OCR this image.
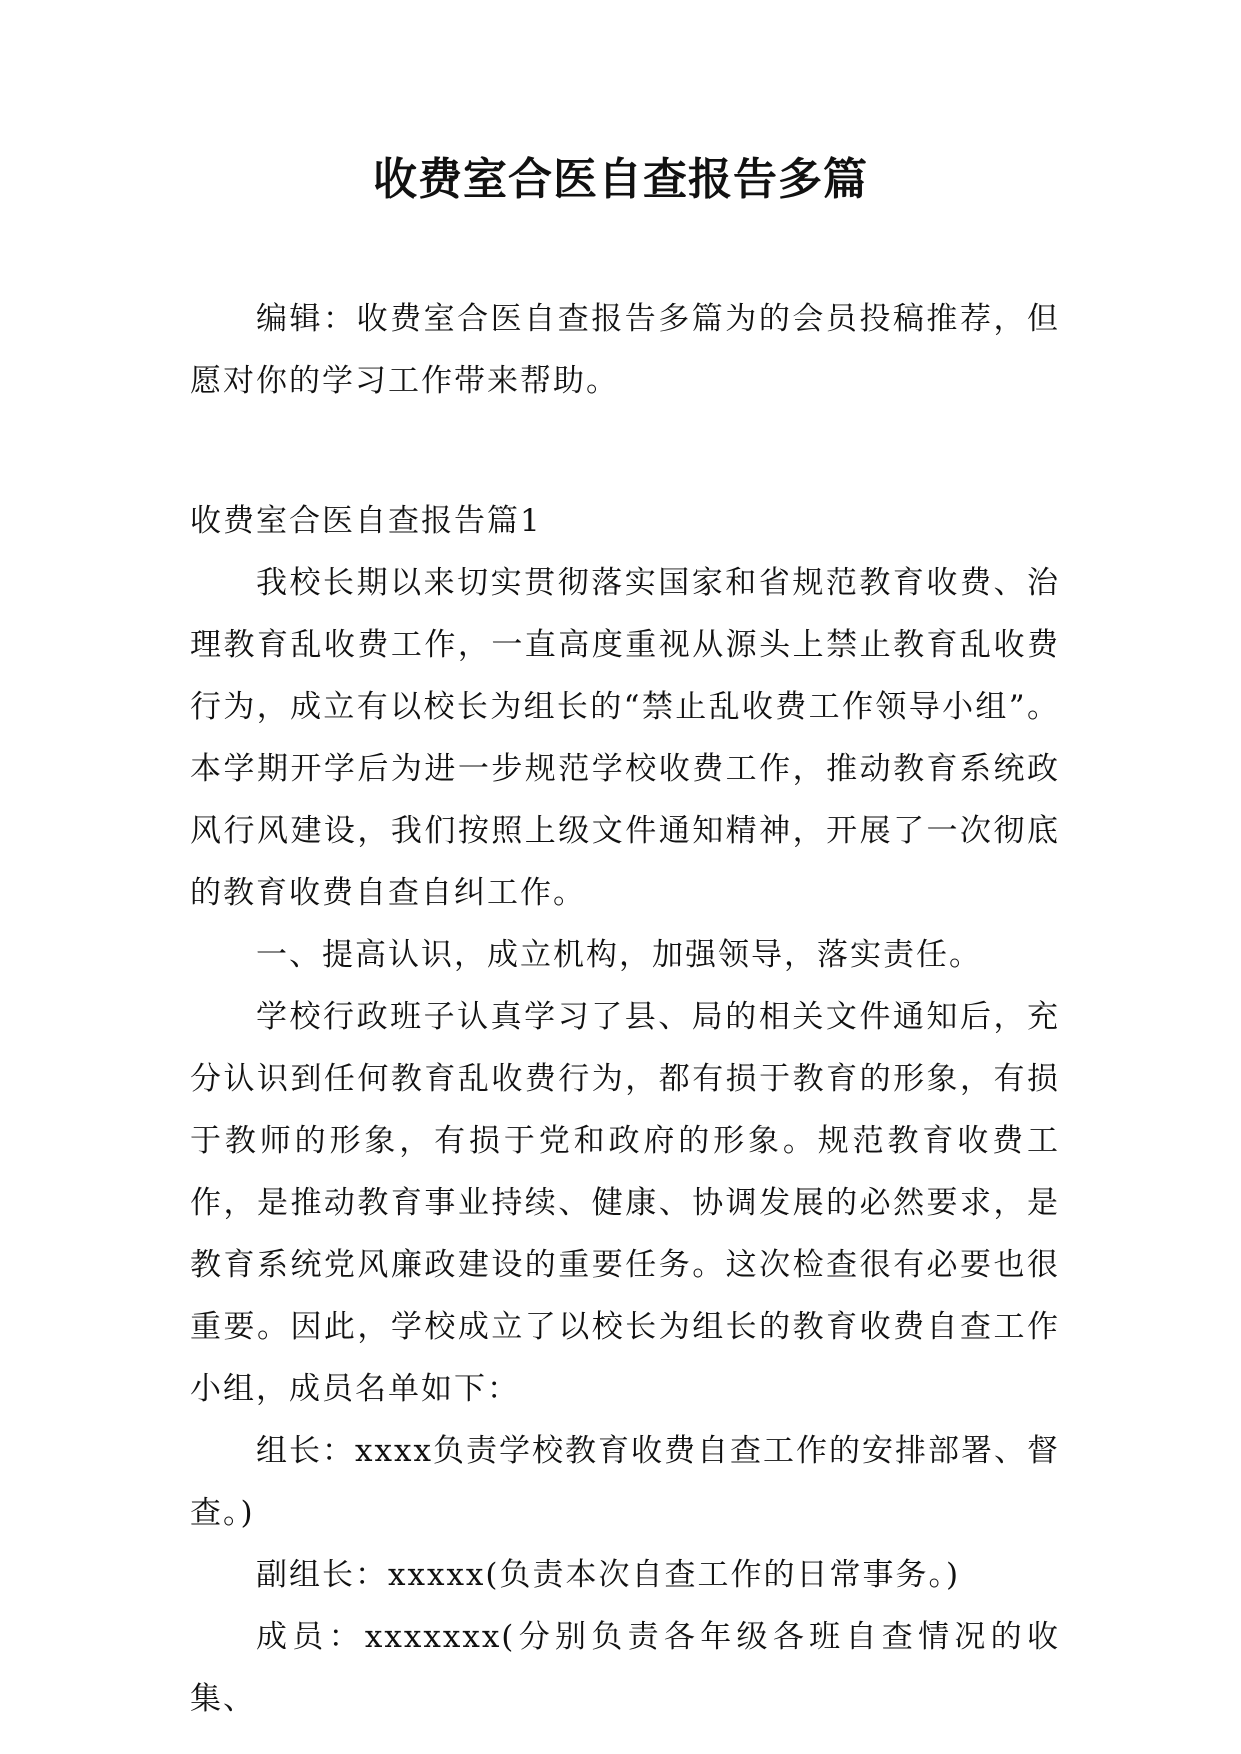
收费室合医自查报告多篇

编辑：收费室合医自查报告多篇为的会员投稿推荐，但愿对你的学习工作带来帮助。

收费室合医自查报告篇1

我校长期以来切实贯彻落实国家和省规范教育收费、治理教育乱收费工作，一直高度重视从源头上禁止教育乱收费行为，成立有以校长为组长的“禁止乱收费工作领导小组”。本学期开学后为进一步规范学校收费工作，推动教育系统政风行风建设，我们按照上级文件通知精神，开展了一次彻底的教育收费自查自纠工作。

一、提高认识，成立机构，加强领导，落实责任。

学校行政班子认真学习了县、局的相关文件通知后，充分认识到任何教育乱收费行为，都有损于教育的形象，有损于教师的形象，有损于党和政府的形象。规范教育收费工作，是推动教育事业持续、健康、协调发展的必然要求，是教育系统党风廉政建设的重要任务。这次检查很有必要也很重要。因此，学校成立了以校长为组长的教育收费自查工作小组，成员名单如下：

组长：xxxx负责学校教育收费自查工作的安排部署、督查。)

副组长：xxxxx(负责本次自查工作的日常事务。)

成员：xxxxxxx(分别负责各年级各班自查情况的收集、
